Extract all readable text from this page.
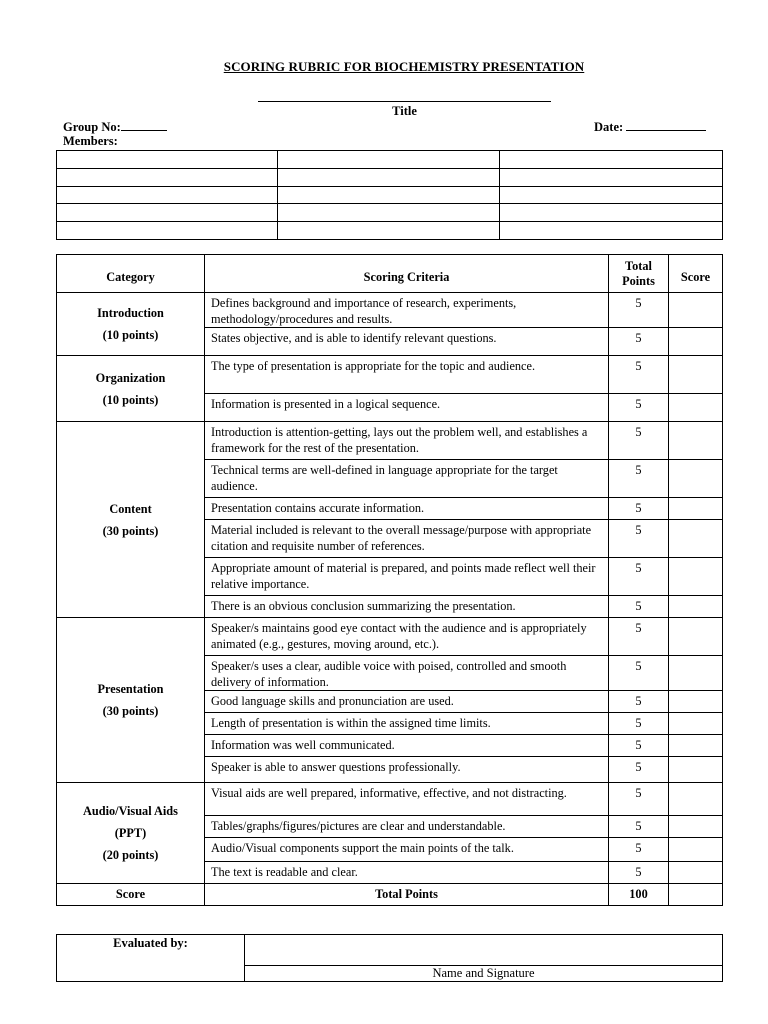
SCORING RUBRIC FOR BIOCHEMISTRY PRESENTATION
Title
Group No:	Date:
Members:

Category	Scoring Criteria	Total Points	Score

Introduction
(10 points)	Defines background and importance of research, experiments, methodology/procedures and results.	5	
	States objective, and is able to identify relevant questions.	5	

Organization
(10 points)	The type of presentation is appropriate for the topic and audience.	5	
	Information is presented in a logical sequence.	5	

Content
(30 points)	Introduction is attention-getting, lays out the problem well, and establishes a framework for the rest of the presentation.	5	
	Technical terms are well-defined in language appropriate for the target audience.	5	
	Presentation contains accurate information.	5	
	Material included is relevant to the overall message/purpose with appropriate citation and requisite number of references.	5	
	Appropriate amount of material is prepared, and points made reflect well their relative importance.	5	
	There is an obvious conclusion summarizing the presentation.	5	

Presentation
(30 points)	Speaker/s maintains good eye contact with the audience and is appropriately animated (e.g., gestures, moving around, etc.).	5	
	Speaker/s uses a clear, audible voice with poised, controlled and smooth delivery of information.	5	
	Good language skills and pronunciation are used.	5	
	Length of presentation is within the assigned time limits.	5	
	Information was well communicated.	5	
	Speaker is able to answer questions professionally.	5	

Audio/Visual Aids
(PPT)
(20 points)	Visual aids are well prepared, informative, effective, and not distracting.	5	
	Tables/graphs/figures/pictures are clear and understandable.	5	
	Audio/Visual components support the main points of the talk.	5	
	The text is readable and clear.	5	
Score	Total Points	100	
Evaluated by:	
Name and Signature
